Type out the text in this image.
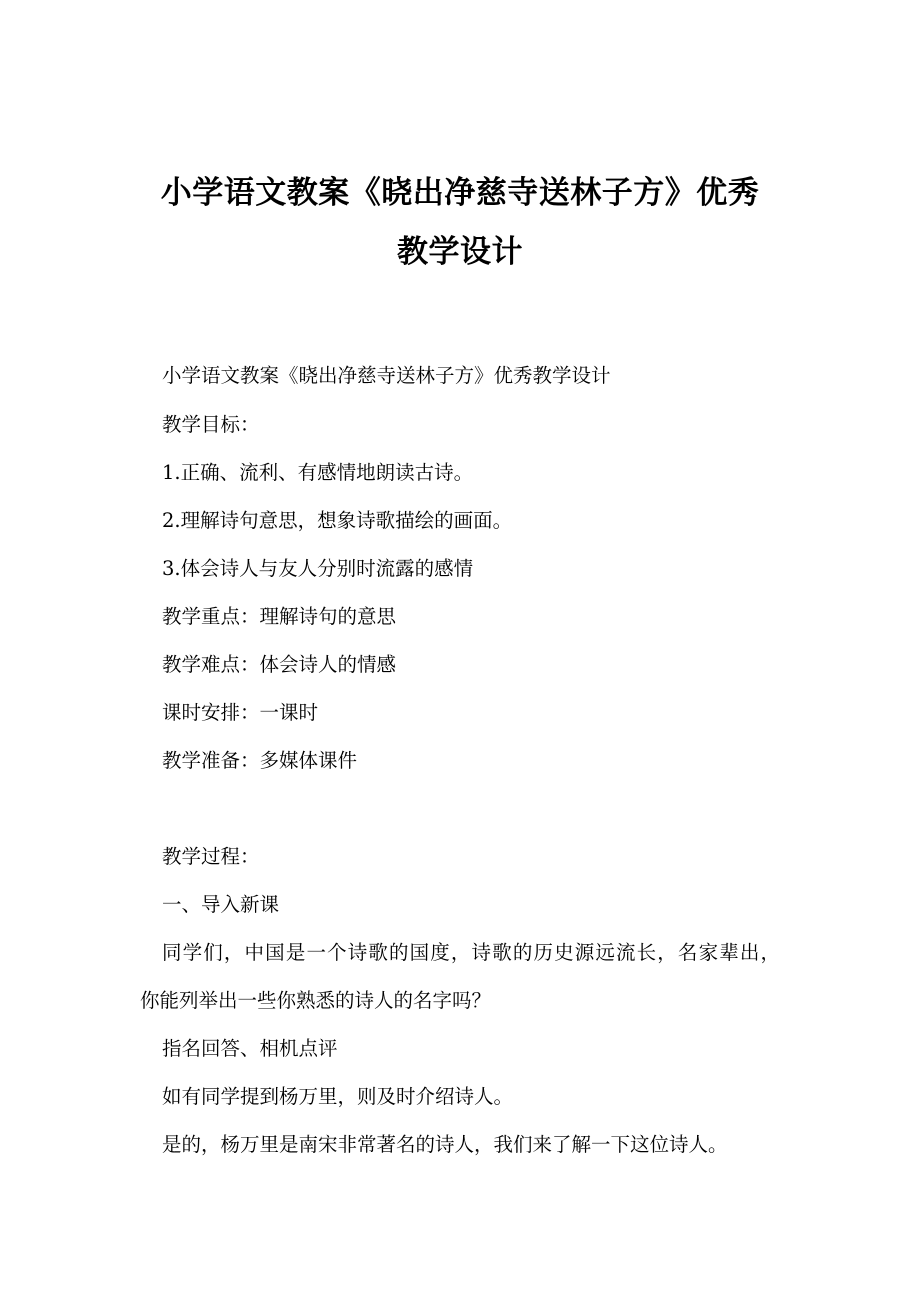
小学语文教案《晓出净慈寺送林子方》优秀
教学设计
小学语文教案《晓出净慈寺送林子方》优秀教学设计
教学目标：
1.正确、流利、有感情地朗读古诗。
2.理解诗句意思，想象诗歌描绘的画面。
3.体会诗人与友人分别时流露的感情
教学重点：理解诗句的意思
教学难点：体会诗人的情感
课时安排：一课时
教学准备：多媒体课件
教学过程：
一、导入新课
同学们，中国是一个诗歌的国度，诗歌的历史源远流长，名家辈出，
你能列举出一些你熟悉的诗人的名字吗？
指名回答、相机点评
如有同学提到杨万里，则及时介绍诗人。
是的，杨万里是南宋非常著名的诗人，我们来了解一下这位诗人。
